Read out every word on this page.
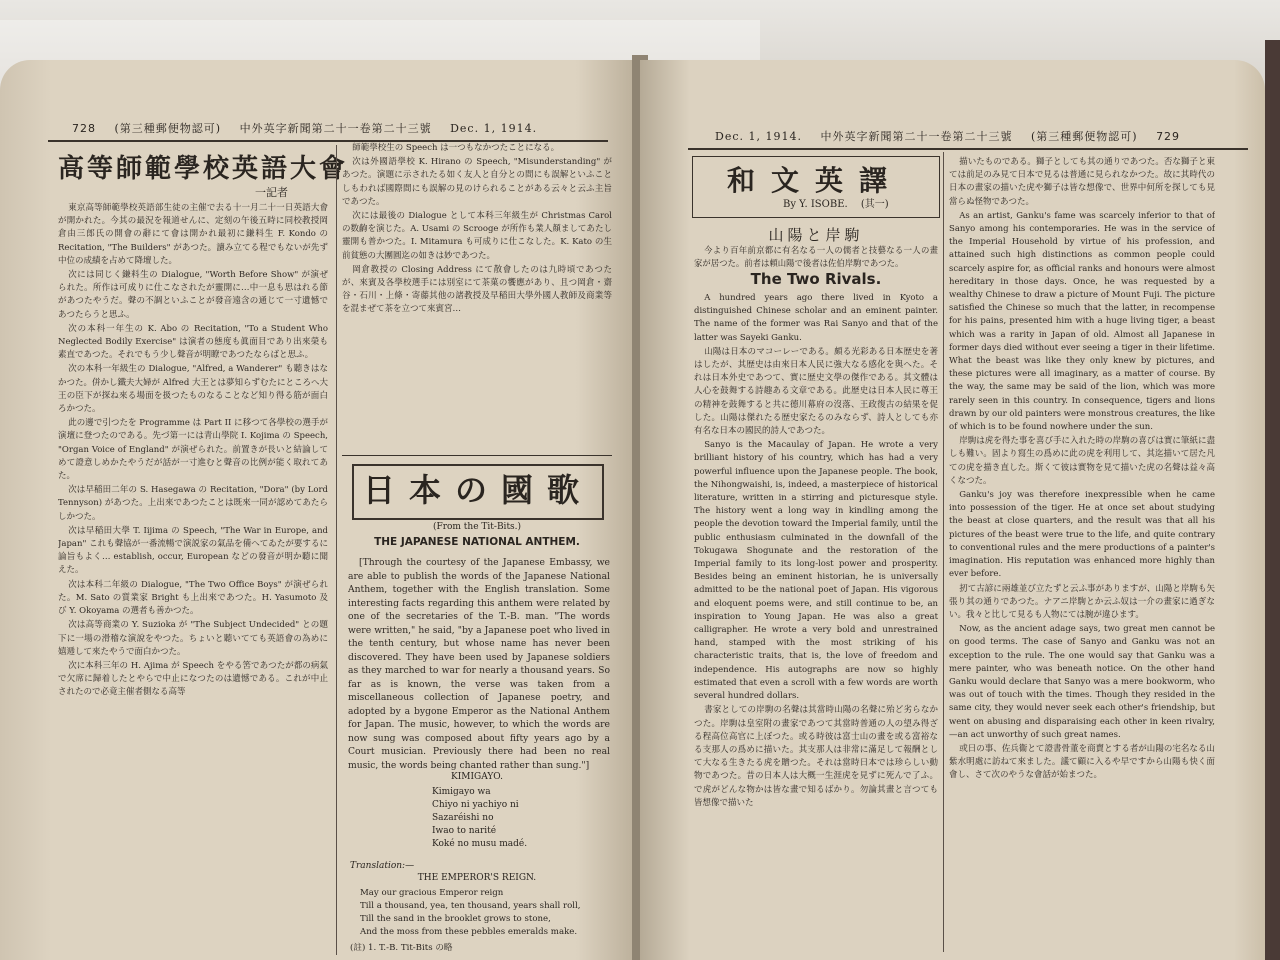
728 (第三種郵便物認可) 中外英字新聞第二十一卷第二十三號 Dec. 1, 1914.
高等師範學校英語大會
一記者

東京高等師範學校英語部生徒の主催で去る十一月二十一日英語大會が開かれた。今其の最況を報道せんに、定刻の午後五時に同校教授岡倉由三郎氏の開會の辭にて會は開かれ最初に鎌料生 F. Kondo の Recitation, "The Builders" があつた。讀み立てる程でもないが先ず中位の成績を占めて降壇した。

次には同じく鎌料生の Dialogue, "Worth Before Show" が演ぜられた。所作は可成りに仕こなされたが靈開に…中一息も思はれる節があつたやうだ。聲の不調といふことが發音遠含の通じて一寸遺憾であつたらうと思ふ。

次の本科一年生の K. Abo の Recitation, "To a Student Who Neglected Bodily Exercise" は演者の態度も眞面目であり出來榮も素直であつた。それでもう少し聲音が明瞭であつたならばと思ふ。

次の本科一年級生の Dialogue, "Alfred, a Wanderer" も聽きはなかつた。併かし鐵夫大婦が Alfred 大王とは夢知らずむたにところへ大王の臣下が探ね來る場面を扱つたものなることなど知り得る筋が面白ろかつた。

此の邊で引つたを Programme は Part II に移つて各學校の選手が演壇に登つたのである。先づ第一には青山學院 I. Kojima の Speech, "Organ Voice of England" が演ぜられた。前置きが長いと結論してめて證意しめかたやうだが話が一寸進むと聲音の比例が能く取れてあた。

次は早稲田二年の S. Hasegawa の Recitation, "Dora" (by Lord Tennyson) があつた。上出來であつたことは既來一同が認めてあたらしかつた。

次は早稲田大學 T. Iijima の Speech, "The War in Europe, and Japan" これも聲協が一番流暢で演説家の氣品を備へてゐたが要するに論旨もよく… establish, occur, European などの發音が明か聽に聞えた。

次は本科二年級の Dialogue, "The Two Office Boys" が演ぜられた。M. Sato の質業家 Bright も上出來であつた。H. Yasumoto 及び Y. Okoyama の選者も善かつた。

次は高等商業の Y. Suzioka が "The Subject Undecided" との題下に一場の滑稽な演說をやつた。ちょいと聽いてても英語會の為めに嬉逓して來たやうで面白かつた。

次に本科三年の H. Ajima が Speech をやる筈であつたが都の病氣で欠席に歸着したとやらで中止になつたのは遺憾である。これが中止されたので必竟主催者側なる高等

師範學校生の Speech は一つもなかつたことになる。

次は外國語學校 K. Hirano の Speech, "Misunderstanding" があつた。演題に示されたる如く友人と自分との間にも誤解といふことしもわれば國際間にも誤解の見のけられることがある云々と云ふ主旨であつた。

次には最後の Dialogue として本科三年級生が Christmas Carol の数齣を演じた。A. Usami の Scrooge が所作も業人顏ましてあたし靈開も普かつた。I. Mitamura も可成りに仕こなした。K. Kato の生前貧態の大團圓迄の如きは妙であつた。

岡倉教授の Closing Address にて散會したのは九時頃であつたが、來賓及各學校選手には別室にて茶菓の饗應があり、且つ岡倉・齋谷・石川・上條・寄藤其他の諸教授及早稲田大學外國人教師及商業等を混まぜて茶を立つて來賓宮…

日本の國歌
(From the Tit-Bits.)
THE JAPANESE NATIONAL ANTHEM.

[Through the courtesy of the Japanese Embassy, we are able to publish the words of the Japanese National Anthem, together with the English translation. Some interesting facts regarding this anthem were related by one of the secretaries of the T.-B. man. "The words were written," he said, "by a Japanese poet who lived in the tenth century, but whose name has never been discovered. They have been used by Japanese soldiers as they marched to war for nearly a thousand years. So far as is known, the verse was taken from a miscellaneous collection of Japanese poetry, and adopted by a bygone Emperor as the National Anthem for Japan. The music, however, to which the words are now sung was composed about fifty years ago by a Court musician. Previously there had been no real music, the words being chanted rather than sung."]

KIMIGAYO.
Kimigayo wa
Chiyo ni yachiyo ni
Sazaréishi no
Iwao to narité
Koké no musu madé.
Translation:—
THE EMPEROR'S REIGN.
May our gracious Emperor reign
Till a thousand, yea, ten thousand, years shall roll,
Till the sand in the brooklet grows to stone,
And the moss from these pebbles emeralds make.
(註) 1. T.-B. Tit-Bits の略
Dec. 1, 1914. 中外英字新聞第二十一卷第二十三號 (第三種郵便物認可) 729
和文英譯
By Y. ISOBE. (其一)
山陽と岸駒

今より百年前京都に有名なる一人の儒者と技藝なる一人の畫家が居つた。前者は頼山陽で後者は佐伯岸駒であつた。

The Two Rivals.

A hundred years ago there lived in Kyoto a distinguished Chinese scholar and an eminent painter. The name of the former was Rai Sanyo and that of the latter was Sayeki Ganku.

山陽は日本のマコーレーである。頗る光彩ある日本歴史を著はしたが、其歴史は由來日本人民に強大なる感化を與へた。それは日本外史であつて、實に歴史文學の傑作である。其文體は人心を鼓舞する詩趣ある文章である。此歴史は日本人民に尊王の精神を鼓舞すると共に德川幕府の沒落、王政復古の結果を促した。山陽は傑れたる歴史家たるのみならず、詩人としても亦有名な日本の國民的詩人であつた。

Sanyo is the Macaulay of Japan. He wrote a very brilliant history of his country, which has had a very powerful influence upon the Japanese people. The book, the Nihongwaishi, is, indeed, a masterpiece of historical literature, written in a stirring and picturesque style. The history went a long way in kindling among the people the devotion toward the Imperial family, until the public enthusiasm culminated in the downfall of the Tokugawa Shogunate and the restoration of the Imperial family to its long-lost power and prosperity. Besides being an eminent historian, he is universally admitted to be the national poet of Japan. His vigorous and eloquent poems were, and still continue to be, an inspiration to Young Japan. He was also a great calligrapher. He wrote a very bold and unrestrained hand, stamped with the most striking of his characteristic traits, that is, the love of freedom and independence. His autographs are now so highly estimated that even a scroll with a few words are worth several hundred dollars.

書家としての岸駒の名聲は其當時山陽の名聲に殆ど劣らなかつた。岸駒は皇室附の畫家であつて其當時普通の人の望み得ざる程高位高官に上ぼつた。或る時彼は富士山の畫を或る富裕なる支那人の爲めに描いた。其支那人は非常に滿足して報酬として大なる生きたる虎を贈つた。それは當時日本では珍らしい動物であつた。昔の日本人は大概一生涯虎を見ずに死んで了ふ。で虎がどんな物かは皆な畫で知るばかり。勿論其畫と言つても皆想像で描いた

描いたものである。獅子としても其の通りであつた。否な獅子と東ては前足のみ見て日本で見るは普通に見られなかつた。故に其時代の日本の畫家の描いた虎や獅子は皆な想像で、世界中何所を探しても見當らぬ怪物であつた。

As an artist, Ganku's fame was scarcely inferior to that of Sanyo among his contemporaries. He was in the service of the Imperial Household by virtue of his profession, and attained such high distinctions as common people could scarcely aspire for, as official ranks and honours were almost hereditary in those days. Once, he was requested by a wealthy Chinese to draw a picture of Mount Fuji. The picture satisfied the Chinese so much that the latter, in recompense for his pains, presented him with a huge living tiger, a beast which was a rarity in Japan of old. Almost all Japanese in former days died without ever seeing a tiger in their lifetime. What the beast was like they only knew by pictures, and these pictures were all imaginary, as a matter of course. By the way, the same may be said of the lion, which was more rarely seen in this country. In consequence, tigers and lions drawn by our old painters were monstrous creatures, the like of which is to be found nowhere under the sun.

岸駒は虎を得た事を喜び手に入れた時の岸駒の喜びは實に筆紙に盡しも難い。固より寫生の爲めに此の虎を利用して、其迄描いて居た凡ての虎を描き直した。斯くて彼は實物を見て描いた虎の名聲は益々高くなつた。

Ganku's joy was therefore inexpressible when he came into possession of the tiger. He at once set about studying the beast at close quarters, and the result was that all his pictures of the beast were true to the life, and quite contrary to conventional rules and the mere productions of a painter's imagination. His reputation was enhanced more highly than ever before.

扨て古諺に兩雄並び立たずと云ふ事がありますが、山陽と岸駒も矢張り其の通りであつた。ナアニ岸駒とか云ふ奴は一介の畫家に過ぎない。我々と比して見るも人物にては腕が違ひます。

Now, as the ancient adage says, two great men cannot be on good terms. The case of Sanyo and Ganku was not an exception to the rule. The one would say that Ganku was a mere painter, who was beneath notice. On the other hand Ganku would declare that Sanyo was a mere bookworm, who was out of touch with the times. Though they resided in the same city, they would never seek each other's friendship, but went on abusing and disparaising each other in keen rivalry,—an act unworthy of such great names.

或日の事、佐兵衞とて證書骨董を商賣とする者が山陽の宅名なる山紫水明處に訪ねて來ました。議て顧に入るや早ですから山陽も快く面會し、さて次のやうな會話が始まつた。
